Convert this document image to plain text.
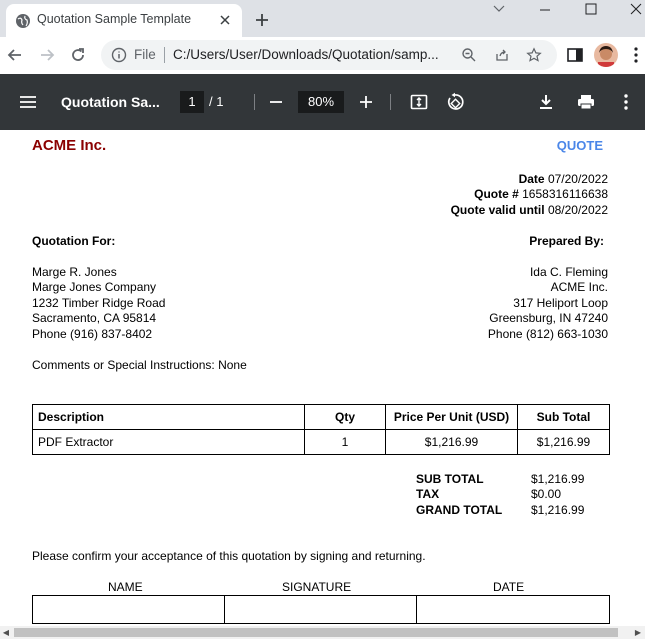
Quotation Sample Template
File C:/Users/User/Downloads/Quotation/samp...
Quotation Sa...	1	/ 1	80%
ACME Inc.	QUOTE
Date 07/20/2022
Quote # 1658316116638
Quote valid until 08/20/2022
Quotation For:	Prepared By:
Marge R. Jones
Marge Jones Company
1232 Timber Ridge Road
Sacramento, CA 95814
Phone (916) 837-8402
Ida C. Fleming
ACME Inc.
317 Heliport Loop
Greensburg, IN 47240
Phone (812) 663-1030
Comments or Special Instructions: None
Description	Qty	Price Per Unit (USD)	Sub Total
PDF Extractor	1	$1,216.99	$1,216.99
SUB TOTAL	$1,216.99
TAX	$0.00
GRAND TOTAL $1,216.99
Please confirm your acceptance of this quotation by signing and returning.
NAME	SIGNATURE	DATE

◀	▶
